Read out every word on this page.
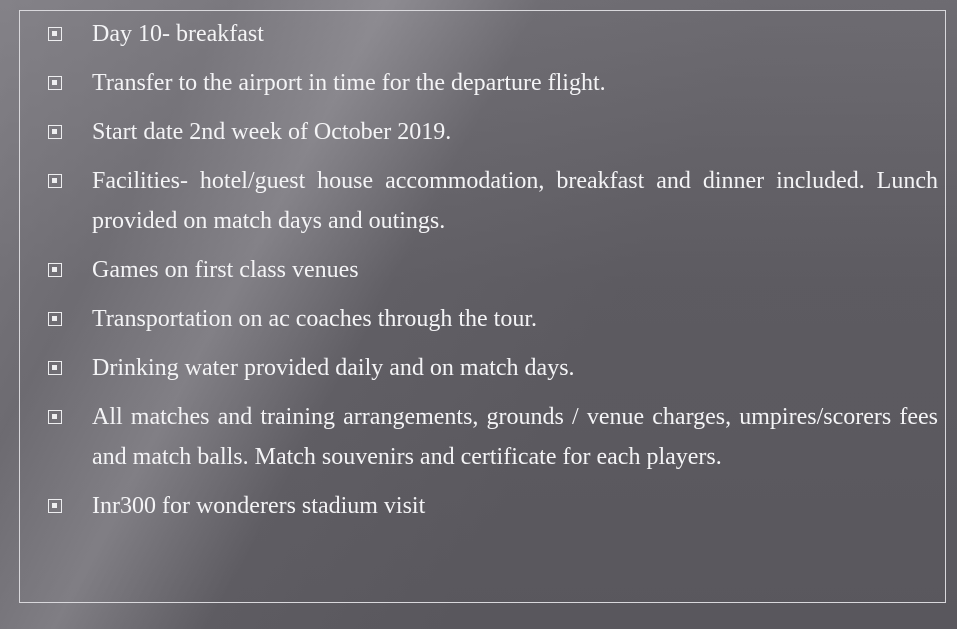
Day 10- breakfast
Transfer to the airport in time for the departure flight.
Start date 2nd week of October 2019.
Facilities- hotel/guest house accommodation, breakfast and dinner included. Lunch provided on match days and outings.
Games on first class venues
Transportation on ac coaches through the tour.
Drinking water provided daily and on match days.
All matches and training arrangements, grounds / venue charges, umpires/scorers fees and match balls. Match souvenirs and certificate for each players.
Inr300 for wonderers stadium visit
